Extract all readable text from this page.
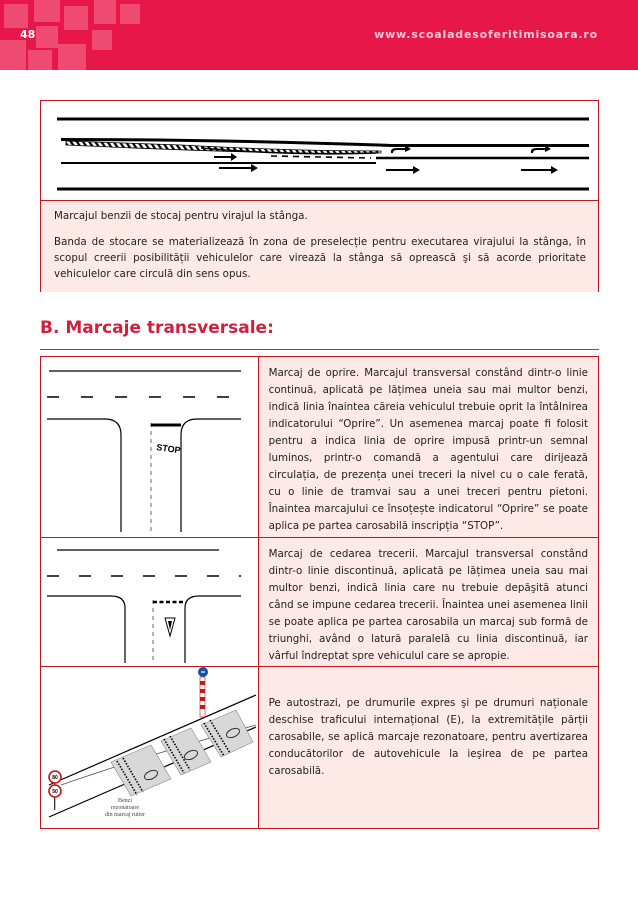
48	www.scoaladesoferitimisoara.ro
Marcajul benzii de stocaj pentru virajul la stânga.
Banda de stocare se materializează în zona de preselecție pentru executarea virajului la stânga, în scopul creerii posibilității vehiculelor care virează la stânga să oprească şi să acorde prioritate vehiculelor care circulă din sens opus.
B. Marcaje transversale:
STOP
Marcaj de oprire. Marcajul transversal constând dintr-o linie continuă, aplicată pe lățimea uneia sau mai multor benzi, indică linia înaintea căreia vehiculul trebuie oprit la întâlnirea indicatorului “Oprire”. Un asemenea marcaj poate fi folosit pentru a indica linia de oprire impusă printr-un semnal luminos, printr-o comandă a agentului care dirijează circulația, de prezența unei treceri la nivel cu o cale ferată, cu o linie de tramvai sau a unei treceri pentru pietoni. Înaintea marcajului ce însoțește indicatorul “Oprire” se poate aplica pe partea carosabilă inscripția “STOP”.
Marcaj de cedarea trecerii. Marcajul transversal constând dintr-o linie discontinuă, aplicată pe lățimea uneia sau mai multor benzi, indică linia care nu trebuie depăşită atunci când se impune cedarea trecerii. Înaintea unei asemenea linii se poate aplica pe partea carosabila un marcaj sub formă de triunghi, având o latură paralelă cu linia discontinuă, iar vârful îndreptat spre vehiculul care se apropie.
80
50
Benzi rezonatoare din marcaj rutier
Pe autostrazi, pe drumurile expres şi pe drumuri naționale deschise traficului internațional (E), la extremitățile părții carosabile, se aplică marcaje rezonatoare, pentru avertizarea conducătorilor de autovehicule la ieşirea de pe partea carosabilă.
